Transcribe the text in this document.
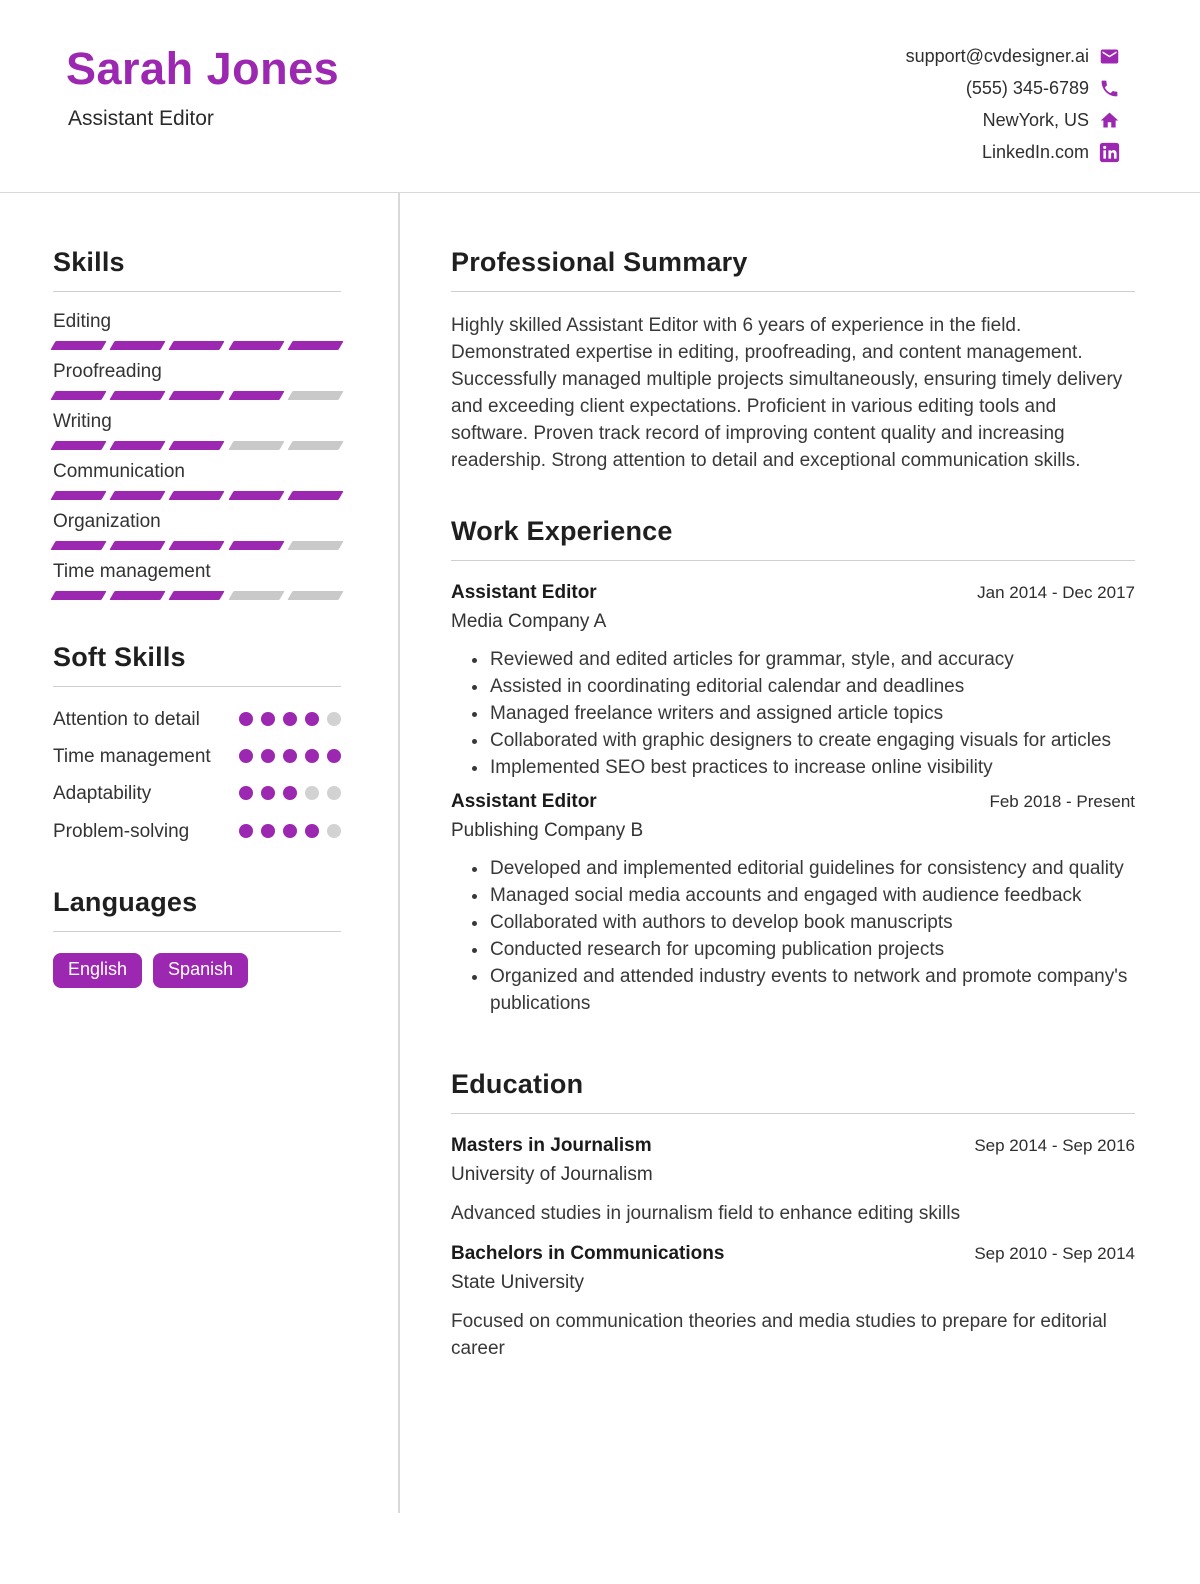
Sarah Jones
Assistant Editor
support@cvdesigner.ai
(555) 345-6789
NewYork, US
LinkedIn.com
Skills
Editing
Proofreading
Writing
Communication
Organization
Time management
Soft Skills
Attention to detail
Time management
Adaptability
Problem-solving
Languages
English	Spanish
Professional Summary

Highly skilled Assistant Editor with 6 years of experience in the field. Demonstrated expertise in editing, proofreading, and content management. Successfully managed multiple projects simultaneously, ensuring timely delivery and exceeding client expectations. Proficient in various editing tools and software. Proven track record of improving content quality and increasing readership. Strong attention to detail and exceptional communication skills.

Work Experience
Assistant Editor	Jan 2014 - Dec 2017
Media Company A
• Reviewed and edited articles for grammar, style, and accuracy
• Assisted in coordinating editorial calendar and deadlines
• Managed freelance writers and assigned article topics
• Collaborated with graphic designers to create engaging visuals for articles
• Implemented SEO best practices to increase online visibility
Assistant Editor	Feb 2018 - Present
Publishing Company B
• Developed and implemented editorial guidelines for consistency and quality
• Managed social media accounts and engaged with audience feedback
• Collaborated with authors to develop book manuscripts
• Conducted research for upcoming publication projects
• Organized and attended industry events to network and promote company's publications
Education
Masters in Journalism	Sep 2014 - Sep 2016
University of Journalism
Advanced studies in journalism field to enhance editing skills
Bachelors in Communications	Sep 2010 - Sep 2014
State University
Focused on communication theories and media studies to prepare for editorial career
